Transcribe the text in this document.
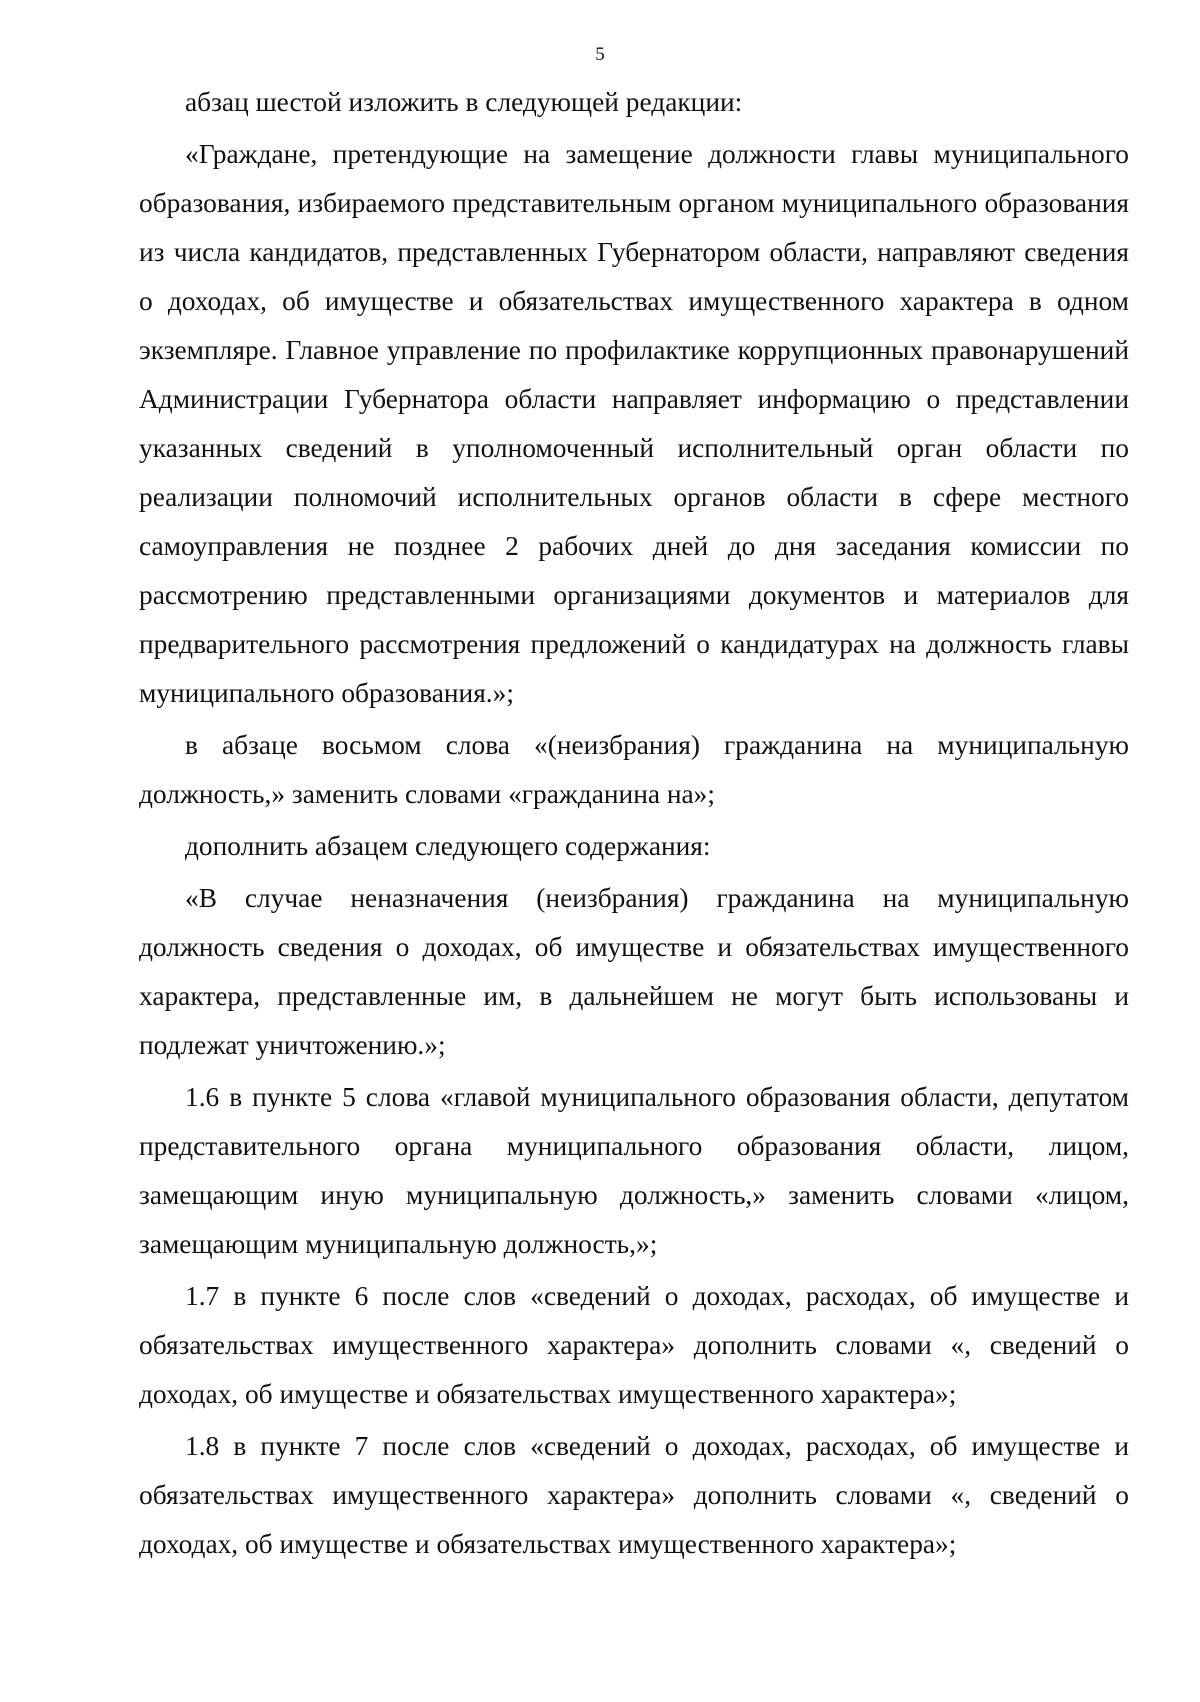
5

абзац шестой изложить в следующей редакции:

«Граждане, претендующие на замещение должности главы муниципального образования, избираемого представительным органом муниципального образования из числа кандидатов, представленных Губернатором области, направляют сведения о доходах, об имуществе и обязательствах имущественного характера в одном экземпляре. Главное управление по профилактике коррупционных правонарушений Администрации Губернатора области направляет информацию о представлении указанных сведений в уполномоченный исполнительный орган области по реализации полномочий исполнительных органов области в сфере местного самоуправления не позднее 2 рабочих дней до дня заседания комиссии по рассмотрению представленными организациями документов и материалов для предварительного рассмотрения предложений о кандидатурах на должность главы муниципального образования.»;

в абзаце восьмом слова «(неизбрания) гражданина на муниципальную должность,» заменить словами «гражданина на»;

дополнить абзацем следующего содержания:

«В случае неназначения (неизбрания) гражданина на муниципальную должность сведения о доходах, об имуществе и обязательствах имущественного характера, представленные им, в дальнейшем не могут быть использованы и подлежат уничтожению.»;

1.6 в пункте 5 слова «главой муниципального образования области, депутатом представительного органа муниципального образования области, лицом, замещающим иную муниципальную должность,» заменить словами «лицом, замещающим муниципальную должность,»;

1.7 в пункте 6 после слов «сведений о доходах, расходах, об имуществе и обязательствах имущественного характера» дополнить словами «, сведений о доходах, об имуществе и обязательствах имущественного характера»;

1.8 в пункте 7 после слов «сведений о доходах, расходах, об имуществе и обязательствах имущественного характера» дополнить словами «, сведений о доходах, об имуществе и обязательствах имущественного характера»;
